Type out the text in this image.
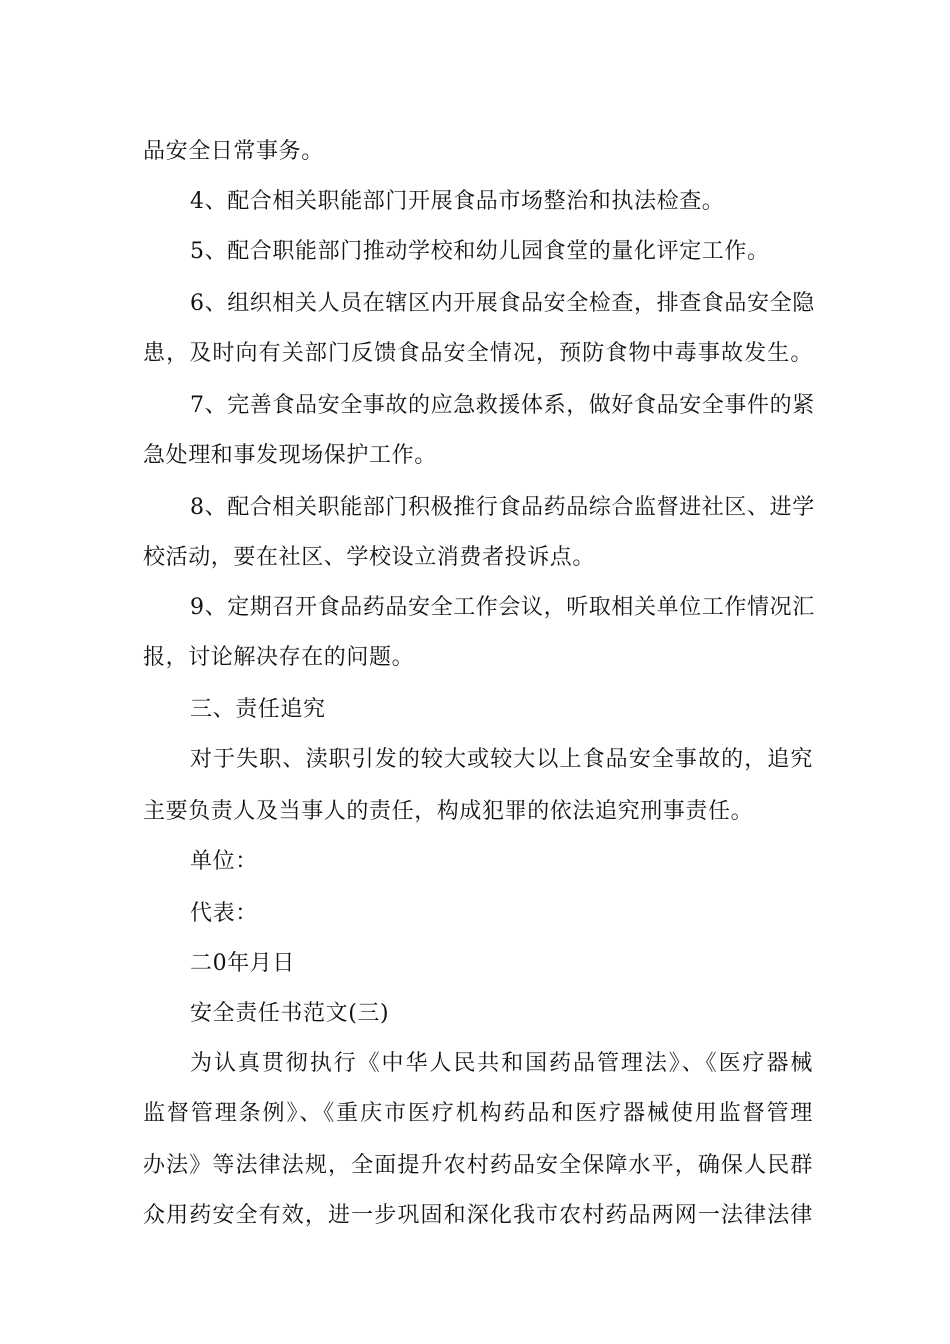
品安全日常事务。
4、配合相关职能部门开展食品市场整治和执法检查。
5、配合职能部门推动学校和幼儿园食堂的量化评定工作。
6、组织相关人员在辖区内开展食品安全检查，排查食品安全隐
患，及时向有关部门反馈食品安全情况，预防食物中毒事故发生。
7、完善食品安全事故的应急救援体系，做好食品安全事件的紧
急处理和事发现场保护工作。
8、配合相关职能部门积极推行食品药品综合监督进社区、进学
校活动，要在社区、学校设立消费者投诉点。
9、定期召开食品药品安全工作会议，听取相关单位工作情况汇
报，讨论解决存在的问题。
三、责任追究
对于失职、渎职引发的较大或较大以上食品安全事故的，追究
主要负责人及当事人的责任，构成犯罪的依法追究刑事责任。
单位：
代表：
二0年月日
安全责任书范文(三)
为认真贯彻执行《中华人民共和国药品管理法》、《医疗器械
监督管理条例》、《重庆市医疗机构药品和医疗器械使用监督管理
办法》等法律法规，全面提升农村药品安全保障水平，确保人民群
众用药安全有效，进一步巩固和深化我市农村药品两网一法律法律
